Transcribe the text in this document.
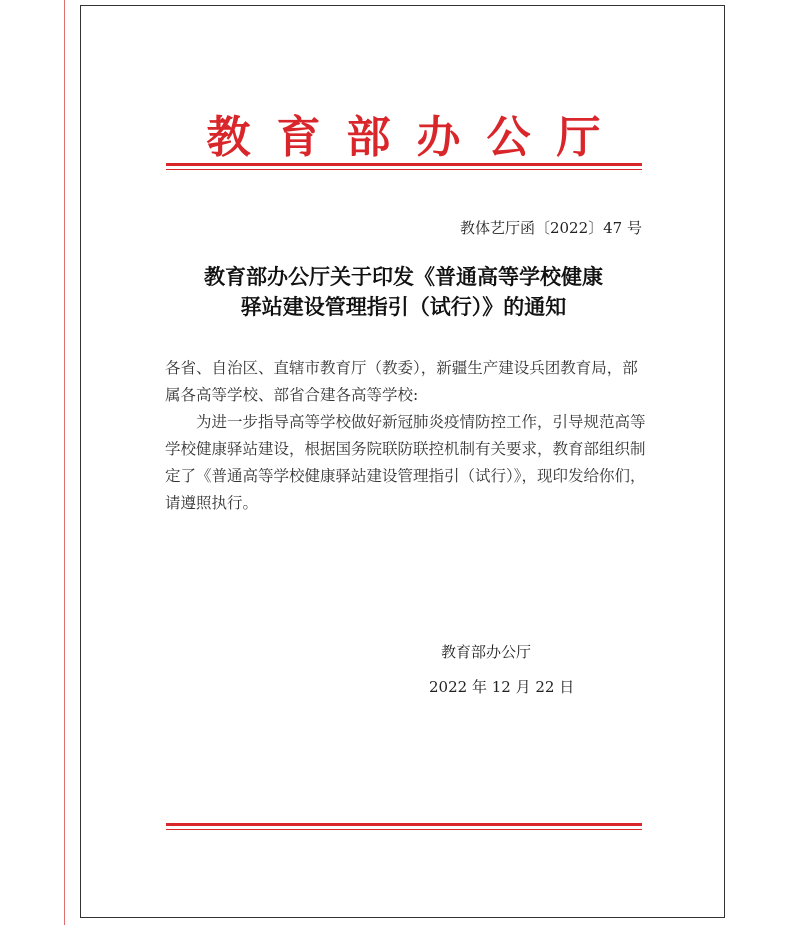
教育部办公厅
教体艺厅函〔2022〕47 号
教育部办公厅关于印发《普通高等学校健康
驿站建设管理指引（试行）》的通知

各省、自治区、直辖市教育厅（教委），新疆生产建设兵团教育局，部属各高等学校、部省合建各高等学校:

为进一步指导高等学校做好新冠肺炎疫情防控工作，引导规范高等学校健康驿站建设，根据国务院联防联控机制有关要求，教育部组织制定了《普通高等学校健康驿站建设管理指引（试行）》，现印发给你们，请遵照执行。

教育部办公厅
2022 年 12 月 22 日
